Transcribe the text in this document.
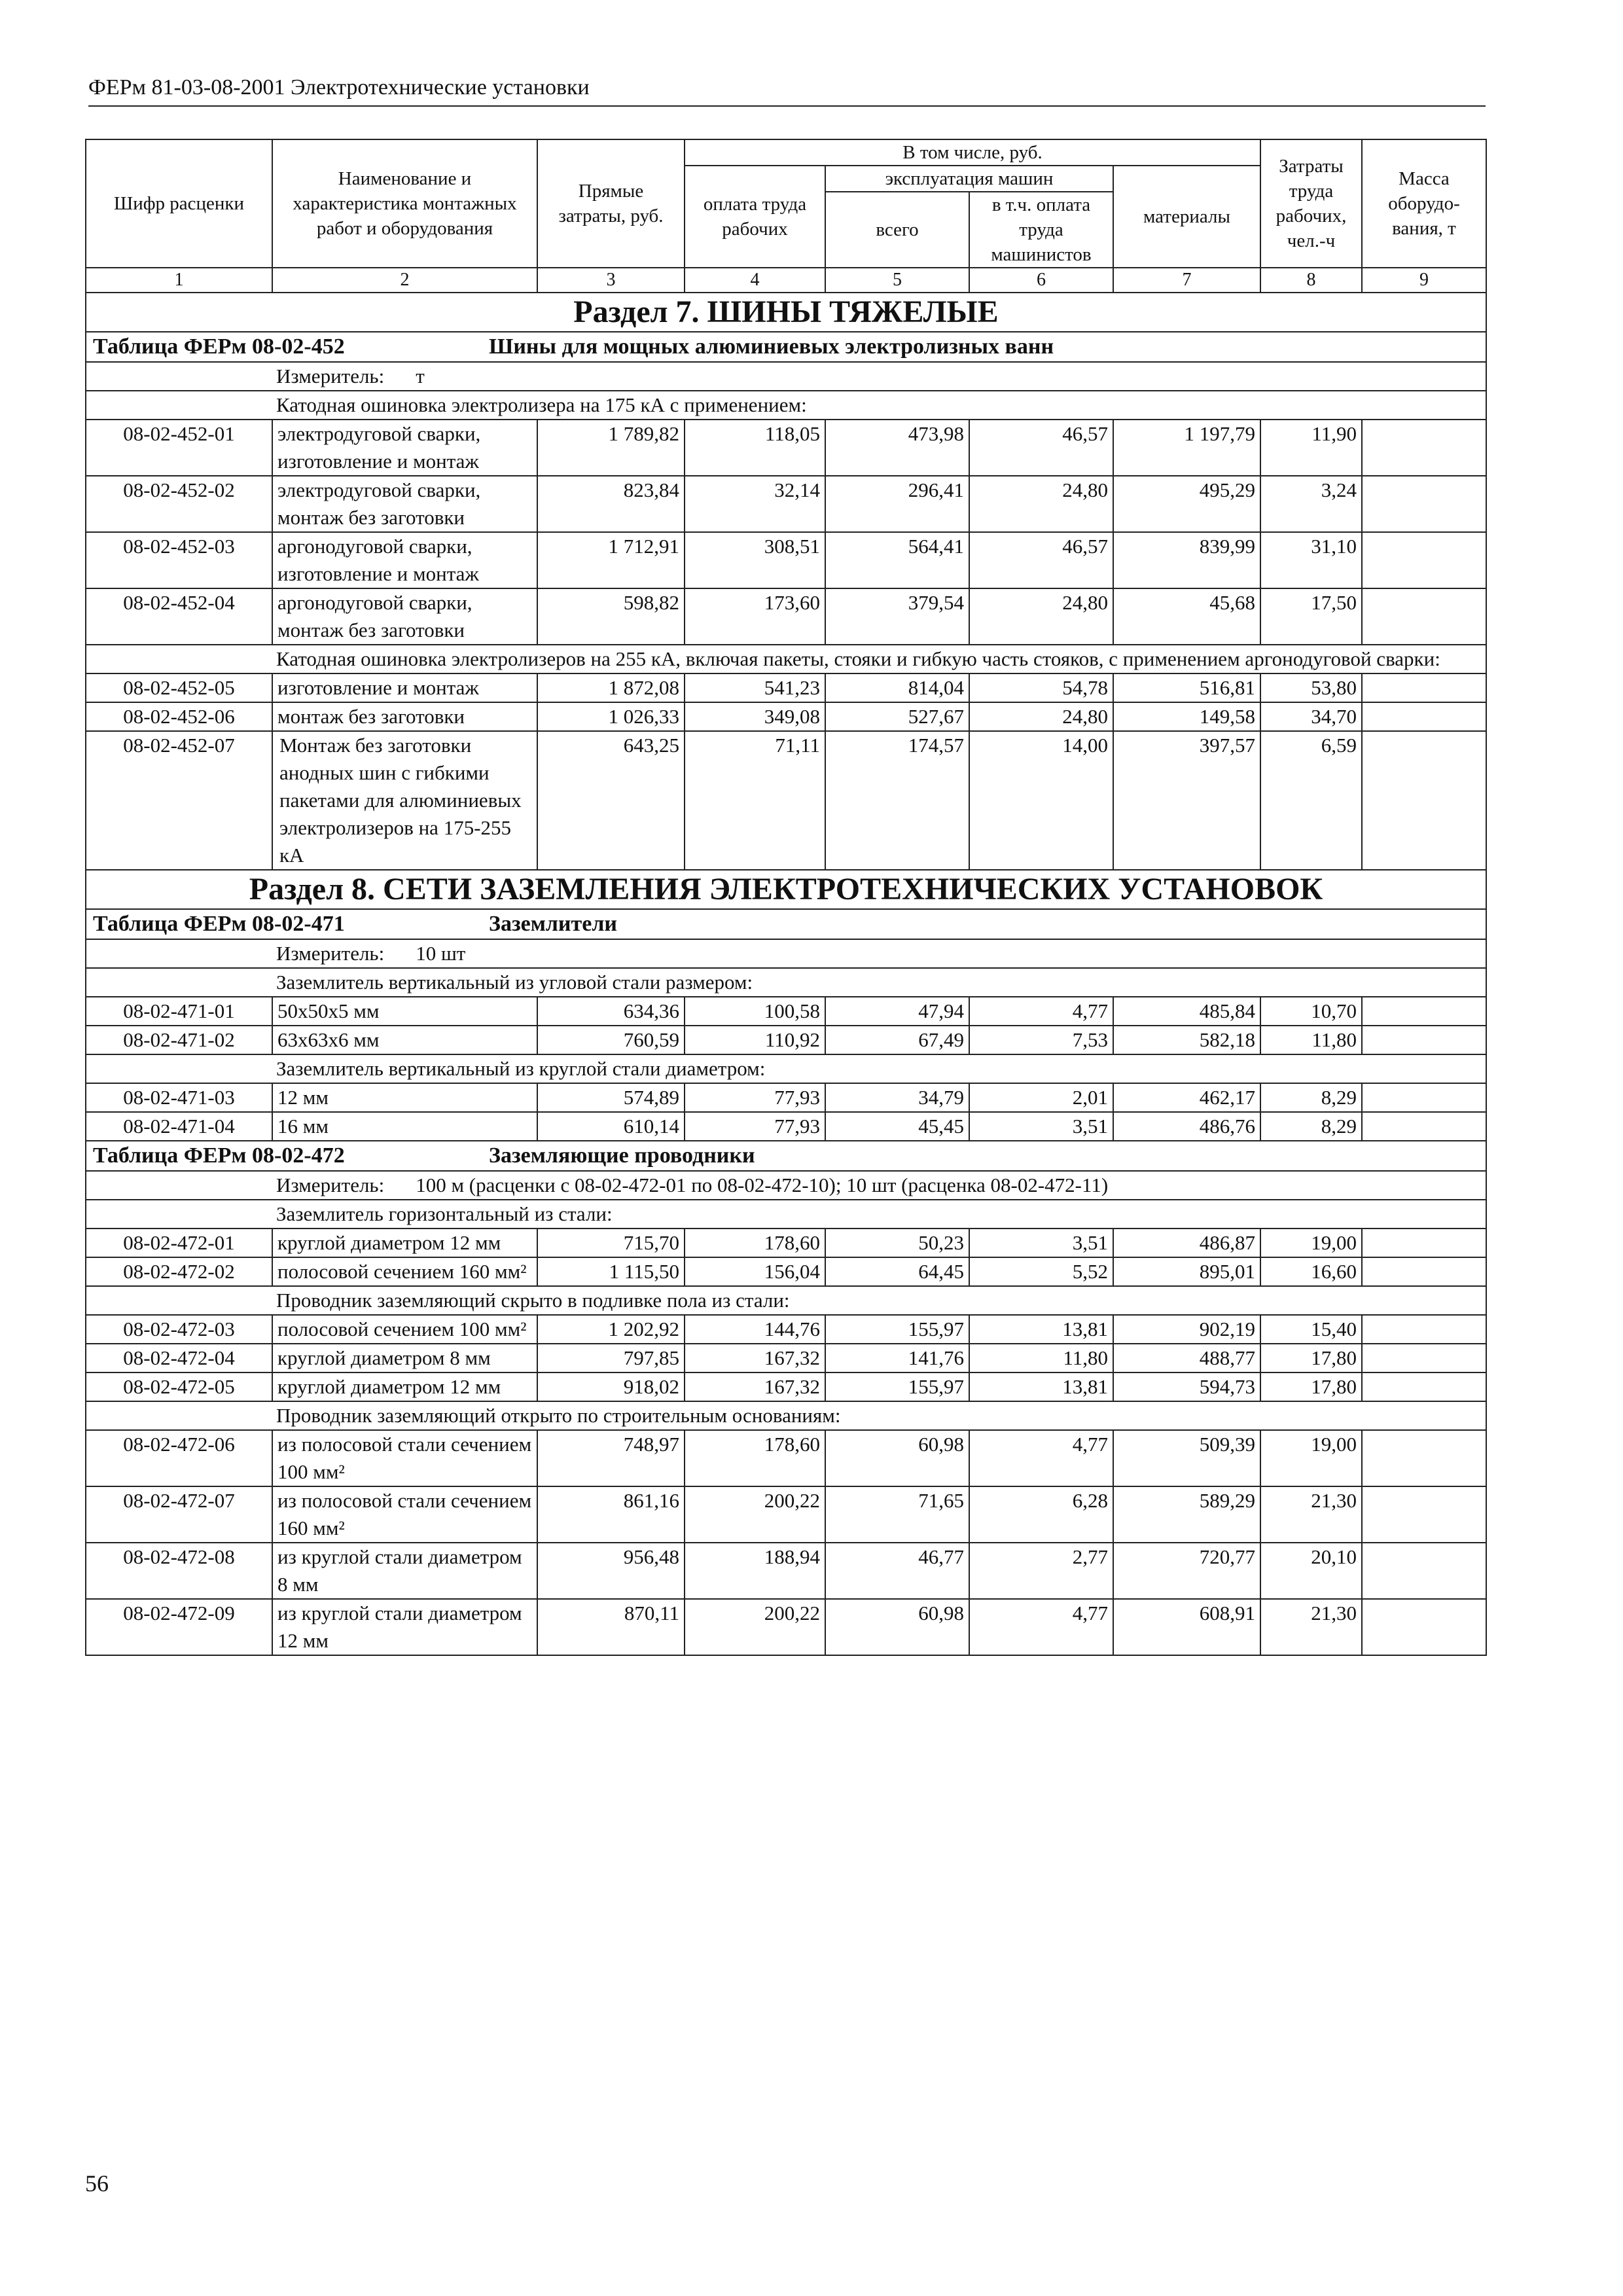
ФЕРм 81-03-08-2001 Электротехнические установки
Шифр расценки	Наименование и характеристика монтажных работ и оборудования	Прямые затраты, руб.	В том числе, руб.				Затраты труда рабочих, чел.-ч	Масса оборудо-вания, т
			оплата труда рабочих	эксплуатация машин		материалы		
				всего	в т.ч. оплата труда машинистов			
1	2	3	4	5	6	7	8	9
Раздел 7. ШИНЫ ТЯЖЕЛЫЕ								
Таблица ФЕРм 08-02-452 Шины для мощных алюминиевых электролизных ванн								
Измеритель: т								
Катодная ошиновка электролизера на 175 кА с применением:								
08-02-452-01	электродуговой сварки, изготовление и монтаж	1 789,82	118,05	473,98	46,57	1 197,79	11,90	
08-02-452-02	электродуговой сварки, монтаж без заготовки	823,84	32,14	296,41	24,80	495,29	3,24	
08-02-452-03	аргонодуговой сварки, изготовление и монтаж	1 712,91	308,51	564,41	46,57	839,99	31,10	
08-02-452-04	аргонодуговой сварки, монтаж без заготовки	598,82	173,60	379,54	24,80	45,68	17,50	
Катодная ошиновка электролизеров на 255 кА, включая пакеты, стояки и гибкую часть стояков, с применением аргонодуговой сварки:								
08-02-452-05	изготовление и монтаж	1 872,08	541,23	814,04	54,78	516,81	53,80	
08-02-452-06	монтаж без заготовки	1 026,33	349,08	527,67	24,80	149,58	34,70	
08-02-452-07	Монтаж без заготовки анодных шин с гибкими пакетами для алюминиевых электролизеров на 175-255 кА	643,25	71,11	174,57	14,00	397,57	6,59	
Раздел 8. СЕТИ ЗАЗЕМЛЕНИЯ ЭЛЕКТРОТЕХНИЧЕСКИХ УСТАНОВОК								
Таблица ФЕРм 08-02-471 Заземлители								
Измеритель: 10 шт								
Заземлитель вертикальный из угловой стали размером:								
08-02-471-01	50x50x5 мм	634,36	100,58	47,94	4,77	485,84	10,70	
08-02-471-02	63x63x6 мм	760,59	110,92	67,49	7,53	582,18	11,80	
Заземлитель вертикальный из круглой стали диаметром:								
08-02-471-03	12 мм	574,89	77,93	34,79	2,01	462,17	8,29	
08-02-471-04	16 мм	610,14	77,93	45,45	3,51	486,76	8,29	
Таблица ФЕРм 08-02-472 Заземляющие проводники								
Измеритель: 100 м (расценки с 08-02-472-01 по 08-02-472-10); 10 шт (расценка 08-02-472-11)								
Заземлитель горизонтальный из стали:								
08-02-472-01	круглой диаметром 12 мм	715,70	178,60	50,23	3,51	486,87	19,00	
08-02-472-02	полосовой сечением 160 мм²	1 115,50	156,04	64,45	5,52	895,01	16,60	
Проводник заземляющий скрыто в подливке пола из стали:								
08-02-472-03	полосовой сечением 100 мм²	1 202,92	144,76	155,97	13,81	902,19	15,40	
08-02-472-04	круглой диаметром 8 мм	797,85	167,32	141,76	11,80	488,77	17,80	
08-02-472-05	круглой диаметром 12 мм	918,02	167,32	155,97	13,81	594,73	17,80	
Проводник заземляющий открыто по строительным основаниям:								
08-02-472-06	из полосовой стали сечением 100 мм²	748,97	178,60	60,98	4,77	509,39	19,00	
08-02-472-07	из полосовой стали сечением 160 мм²	861,16	200,22	71,65	6,28	589,29	21,30	
08-02-472-08	из круглой стали диаметром 8 мм	956,48	188,94	46,77	2,77	720,77	20,10	
08-02-472-09	из круглой стали диаметром 12 мм	870,11	200,22	60,98	4,77	608,91	21,30	
56
